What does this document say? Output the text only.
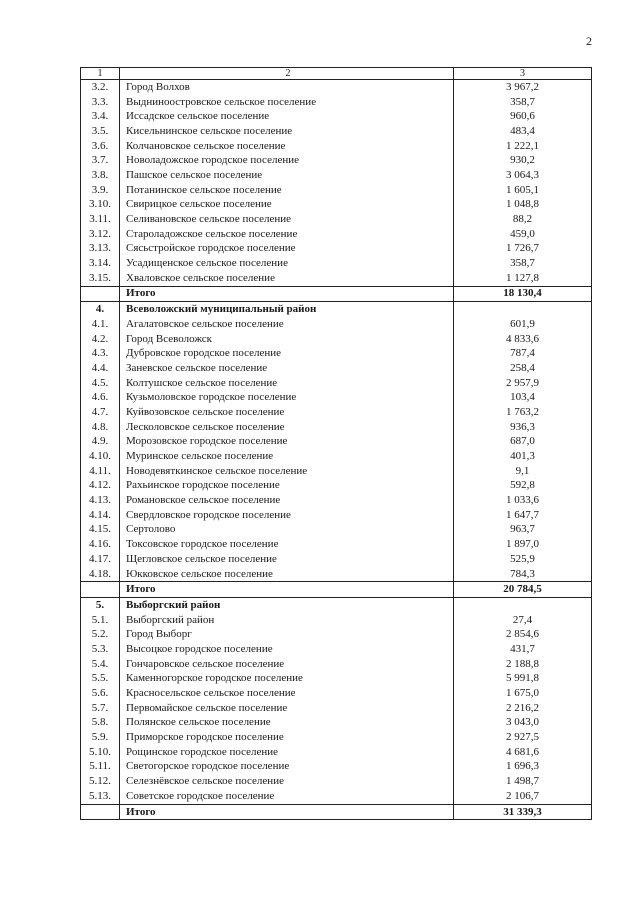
2
1	2	3
3.2.	Город Волхов	3 967,2
3.3.	Выдниноостровское сельское поселение	358,7
3.4.	Иссадское сельское поселение	960,6
3.5.	Кисельнинское сельское поселение	483,4
3.6.	Колчановское сельское поселение	1 222,1
3.7.	Новоладожское городское поселение	930,2
3.8.	Пашское сельское поселение	3 064,3
3.9.	Потанинское сельское поселение	1 605,1
3.10.	Свирицкое сельское поселение	1 048,8
3.11.	Селивановское сельское поселение	88,2
3.12.	Староладожское сельское поселение	459,0
3.13.	Сясьстройское городское поселение	1 726,7
3.14.	Усадищенское сельское поселение	358,7
3.15.	Хваловское сельское поселение	1 127,8
	Итого	18 130,4
4.	Всеволожский муниципальный район	
4.1.	Агалатовское сельское поселение	601,9
4.2.	Город Всеволожск	4 833,6
4.3.	Дубровское городское поселение	787,4
4.4.	Заневское сельское поселение	258,4
4.5.	Колтушское сельское поселение	2 957,9
4.6.	Кузьмоловское городское поселение	103,4
4.7.	Куйвозовское сельское поселение	1 763,2
4.8.	Лесколовское сельское поселение	936,3
4.9.	Морозовское городское поселение	687,0
4.10.	Муринское сельское поселение	401,3
4.11.	Новодевяткинское сельское поселение	9,1
4.12.	Рахьинское городское поселение	592,8
4.13.	Романовское сельское поселение	1 033,6
4.14.	Свердловское городское поселение	1 647,7
4.15.	Сертолово	963,7
4.16.	Токсовское городское поселение	1 897,0
4.17.	Щегловское сельское поселение	525,9
4.18.	Юкковское сельское поселение	784,3
	Итого	20 784,5
5.	Выборгский район	
5.1.	Выборгский район	27,4
5.2.	Город Выборг	2 854,6
5.3.	Высоцкое городское поселение	431,7
5.4.	Гончаровское сельское поселение	2 188,8
5.5.	Каменногорское городское поселение	5 991,8
5.6.	Красносельское сельское поселение	1 675,0
5.7.	Первомайское сельское поселение	2 216,2
5.8.	Полянское сельское поселение	3 043,0
5.9.	Приморское городское поселение	2 927,5
5.10.	Рощинское городское поселение	4 681,6
5.11.	Светогорское городское поселение	1 696,3
5.12.	Селезнёвское сельское поселение	1 498,7
5.13.	Советское городское поселение	2 106,7
	Итого	31 339,3
